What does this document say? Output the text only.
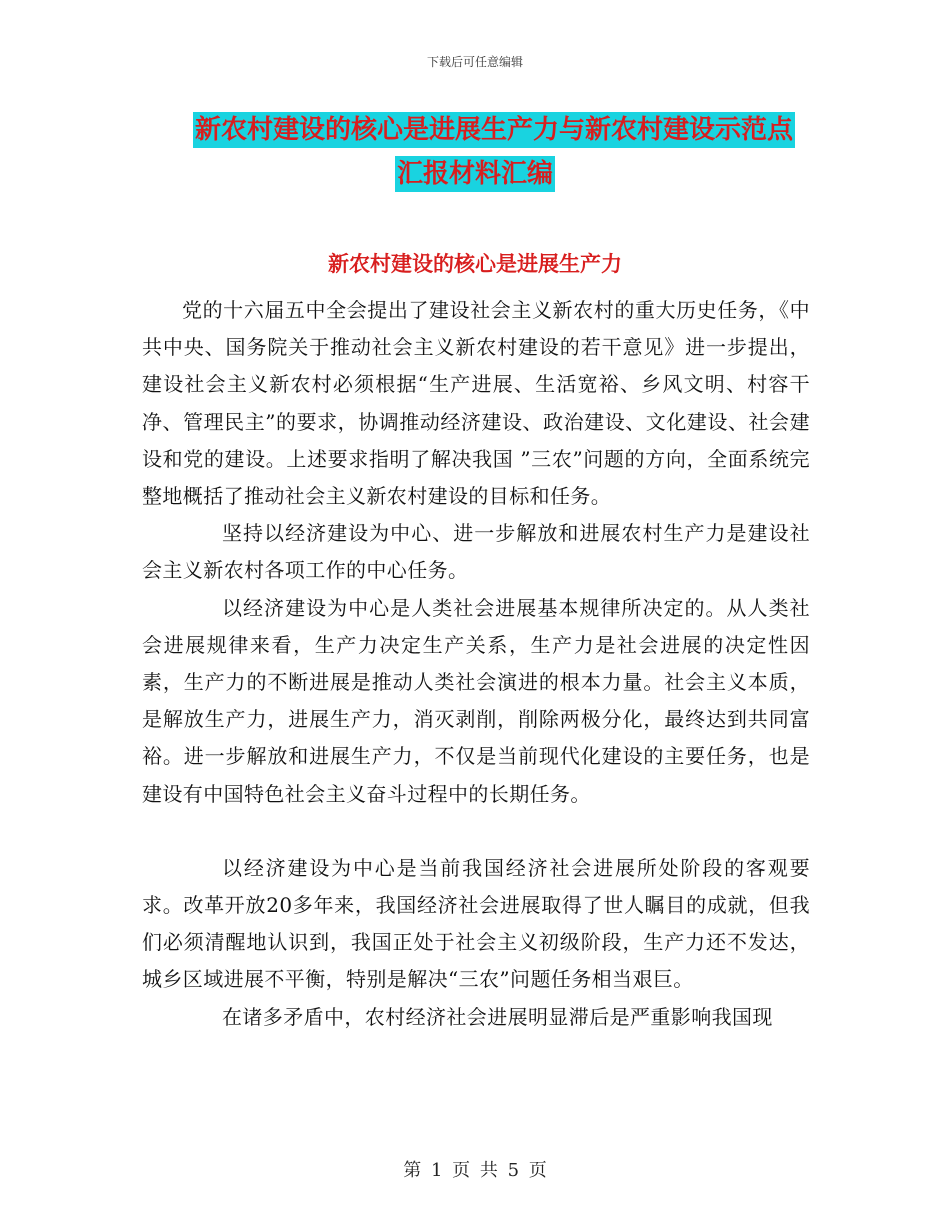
下载后可任意编辑
新农村建设的核心是进展生产力与新农村建设示范点
汇报材料汇编
新农村建设的核心是进展生产力

党的十六届五中全会提出了建设社会主义新农村的重大历史任务，《中共中央、国务院关于推动社会主义新农村建设的若干意见》进一步提出，建设社会主义新农村必须根据“生产进展、生活宽裕、乡风文明、村容干净、管理民主”的要求，协调推动经济建设、政治建设、文化建设、社会建设和党的建设。上述要求指明了解决我国 ”三农”问题的方向，全面系统完整地概括了推动社会主义新农村建设的目标和任务。

坚持以经济建设为中心、进一步解放和进展农村生产力是建设社会主义新农村各项工作的中心任务。

以经济建设为中心是人类社会进展基本规律所决定的。从人类社会进展规律来看，生产力决定生产关系，生产力是社会进展的决定性因素，生产力的不断进展是推动人类社会演进的根本力量。社会主义本质，是解放生产力，进展生产力，消灭剥削，削除两极分化，最终达到共同富裕。进一步解放和进展生产力，不仅是当前现代化建设的主要任务，也是建设有中国特色社会主义奋斗过程中的长期任务。

以经济建设为中心是当前我国经济社会进展所处阶段的客观要求。改革开放20多年来，我国经济社会进展取得了世人瞩目的成就，但我们必须清醒地认识到，我国正处于社会主义初级阶段，生产力还不发达，城乡区域进展不平衡，特别是解决“三农”问题任务相当艰巨。

在诸多矛盾中，农村经济社会进展明显滞后是严重影响我国现

第 1 页 共 5 页
